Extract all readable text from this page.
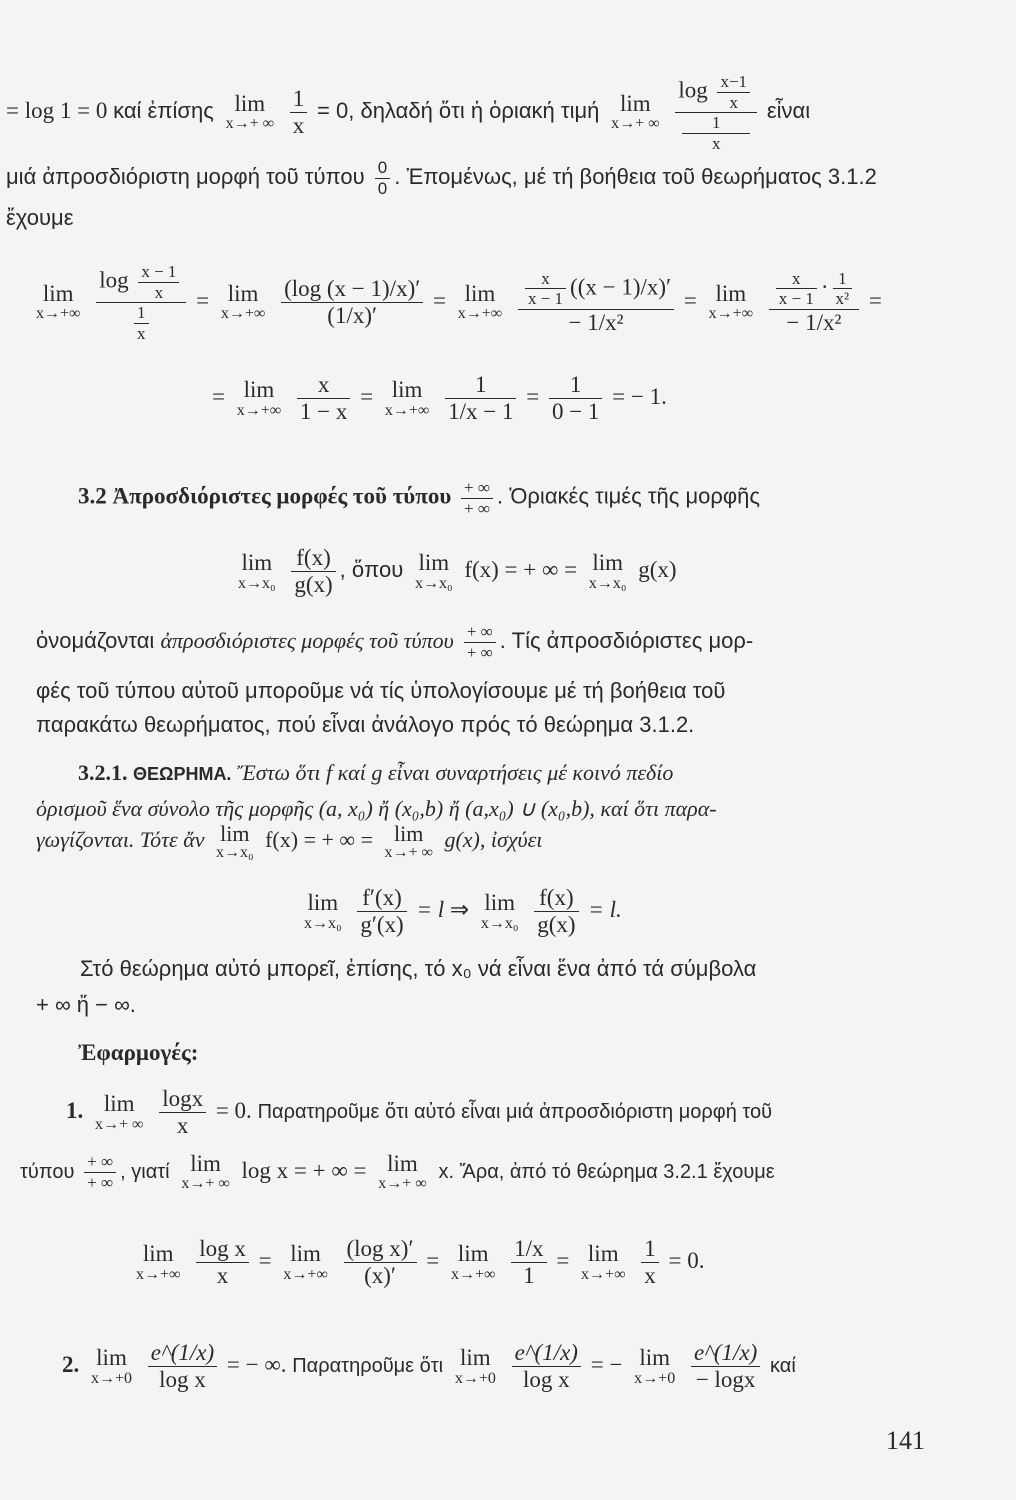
= log 1 = 0 καί ἐπίσης lim
x→+ ∞
$\frac{1}{x} = 0$, δηλαδή ὅτι ἡ ὁριακή τιμή lim
x→+ ∞
$\log \frac{x-1}{x}$
1
x εἶναι
μιά ἀπροσδιόριστη μορφή τοῦ τύπου $\frac{0}{0}$ . Ἐπομένως, μέ τή βοήθεια τοῦ θεωρήματος 3.1.2
ἔχουμε
lim
x→+∞
$\frac{\log \frac{x - 1}{x}}{\frac{1}{x}} = \lim$
x→+∞
$\frac{(\log (x - 1)/x)'}{(1/x)'} = \lim$
x→+∞
$\frac{\frac{x}{x - 1} ((x - 1)/x)'}{\text{− 1/x²}} = \lim$
x→+∞
$\frac{\frac{x}{x - 1} \cdot \frac{1}{\text{x²}}}{\text{− 1/x²}}$ =
= lim
x→+∞
$\frac{x}{1 - x} = \lim$
x→+∞
$\frac{1}{1/x - 1} = \frac{1}{0 - 1}$ = − 1.
3.2 Ἀπροσδιόριστες μορφές τοῦ τύπου $\frac{+ \infty}{+ \infty}$ . Ὁριακές τιμές τῆς μορφῆς
lim
x→x₀
$\frac{f(x)}{g(x)}$ , ὅπου lim
x→x₀
f(x) = + ∞ = lim
x→x₀
g(x)
ὀνομάζονται ἀπροσδιόριστες μορφές τοῦ τύπου $\frac{+ \infty}{+ \infty}$ . Τίς ἀπροσδιόριστες μορ-
φές τοῦ τύπου αὐτοῦ μποροῦμε νά τίς ὑπολογίσουμε μέ τή βοήθεια τοῦ
παρακάτω θεωρήματος, πού εἶναι ἀνάλογο πρός τό θεώρημα 3.1.2.
3.2.1. ΘΕΩΡΗΜΑ. Ἔστω ὅτι f καί g εἶναι συναρτήσεις μέ κοινό πεδίο
ὁρισμοῦ ἕνα σύνολο τῆς μορφῆς (a, x₀) ἤ (x₀,b) ἤ (a,x₀) ∪ (x₀,b), καί ὅτι παρα-
γωγίζονται. Τότε ἄν lim
x→x₀
f(x) = + ∞ = lim
x→+ ∞
g(x), ἰσχύει
lim
x→x₀
$\frac{f'(x)}{g'(x)} = l$ ⇒ lim
x→x₀
$\frac{f(x)}{g(x)} = l$.
Στό θεώρημα αὐτό μπορεῖ, ἐπίσης, τό x₀ νά εἶναι ἕνα ἀπό τά σύμβολα
+ ∞ ἤ − ∞.
Ἐφαρμογές:
1. lim
x→+ ∞
$\frac{\log x}{x} = 0$. Παρατηροῦμε ὅτι αὐτό εἶναι μιά ἀπροσδιόριστη μορφή τοῦ
τύπου $\frac{+ \infty}{+ \infty}$ , γιατί lim
x→+ ∞
log x = + ∞ = lim
x→+ ∞
x. Ἄρα, ἀπό τό θεώρημα 3.2.1 ἔχουμε
lim
x→+∞
$\frac{\text{log x}}{x} = \lim$
x→+∞
$\frac{\text{(log x)′}}{(x)'} = \lim$
x→+∞
$\frac{1/x}{1} = \lim$
x→+∞
$\frac{1}{x} = 0$.
2. lim
x→+0
$\frac{e\^{}(1/x)}{\text{log x}}$ = − ∞. Παρατηροῦμε ὅτι lim
x→+0
$\frac{e\^{}(1/x)}{\text{log x}}$ = − lim
x→+0
$\frac{e\^{}(1/x)}{- \log x}$ καί
141
